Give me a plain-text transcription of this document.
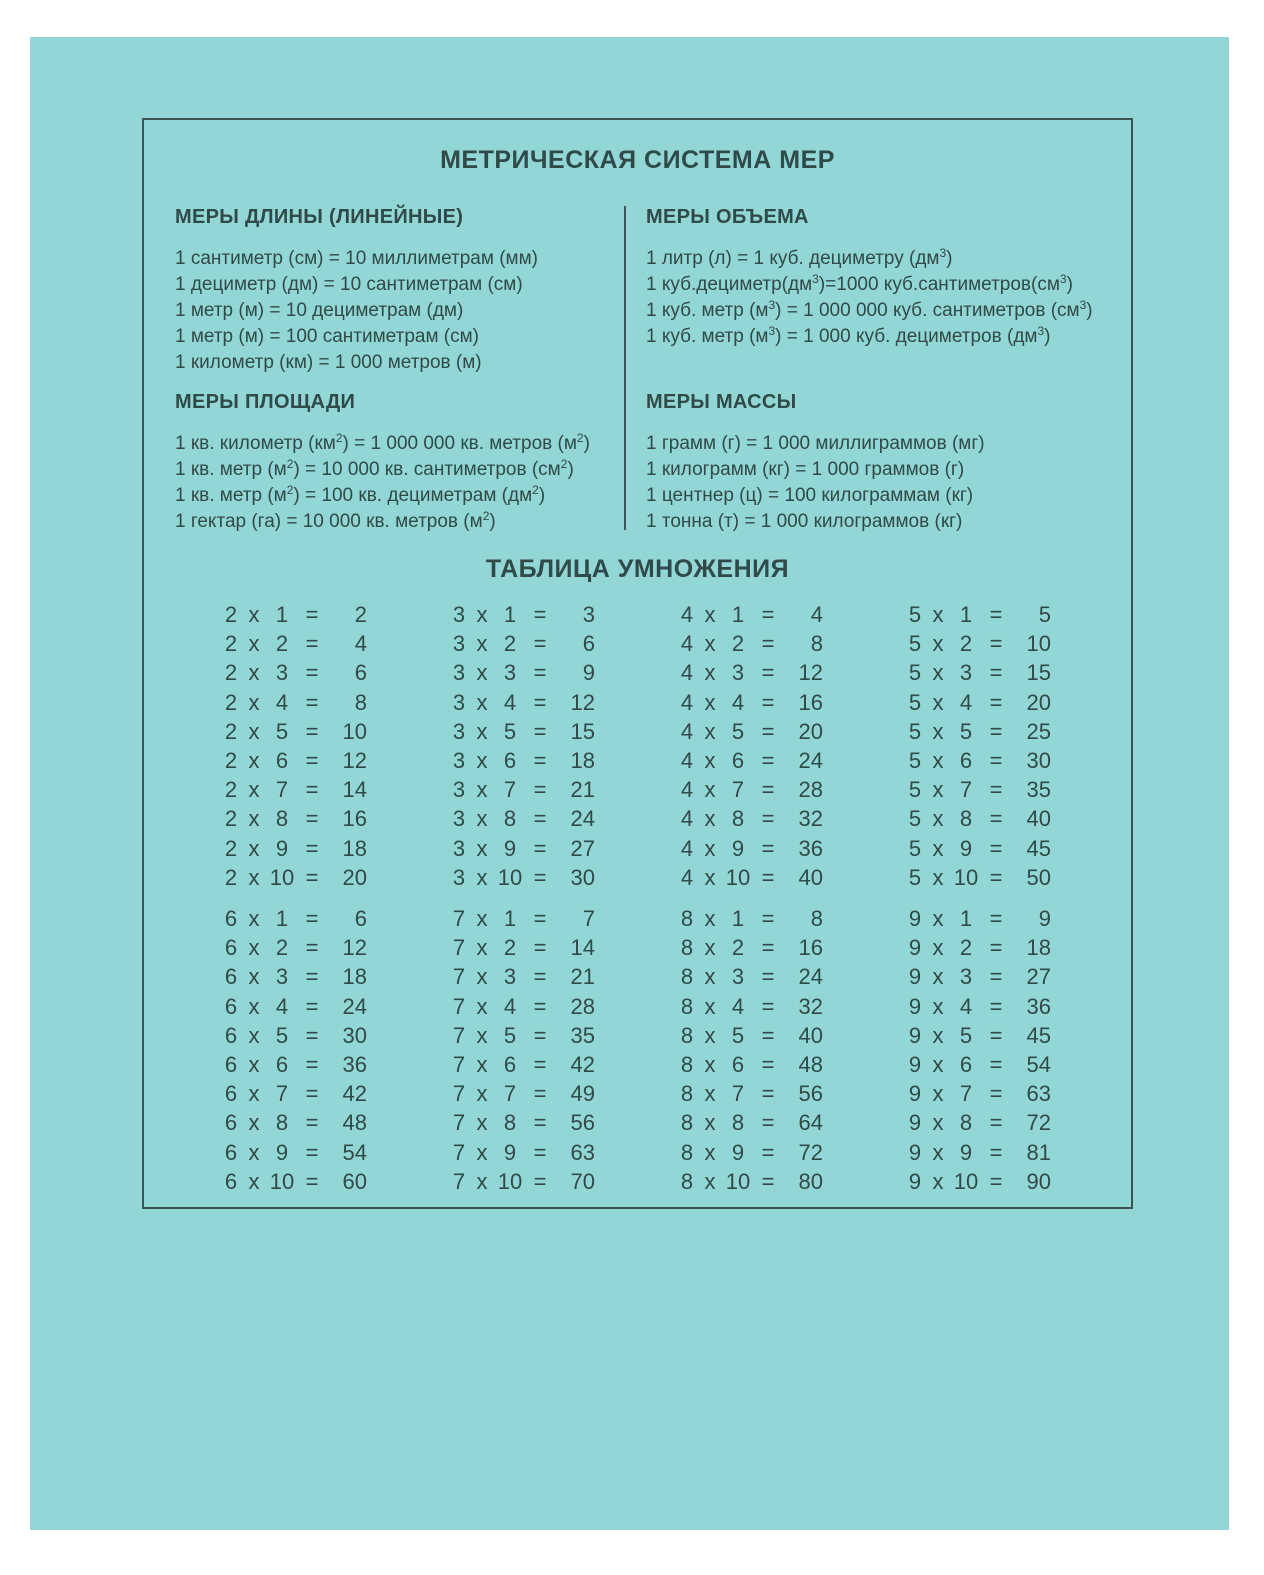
МЕТРИЧЕСКАЯ СИСТЕМА МЕР
МЕРЫ ДЛИНЫ (ЛИНЕЙНЫЕ)
1 сантиметр (см) = 10 миллиметрам (мм)
1 дециметр (дм) = 10 сантиметрам (см)
1 метр (м) = 10 дециметрам (дм)
1 метр (м) = 100 сантиметрам (см)
1 километр (км) = 1 000 метров (м)
МЕРЫ ОБЪЕМА
1 литр (л) = 1 куб. дециметру $(дм^3)$
1 $куб.дециметр(дм^3)=1000$ $куб.сантиметров(см^3)$
1 куб. метр $(м^3) = 1$ 000 000 куб. сантиметров $(см^3)$
1 куб. метр $(м^3) = 1$ 000 куб. дециметров $(дм^3)$
МЕРЫ ПЛОЩАДИ
1 кв. километр $(км^2) = 1$ 000 000 кв. метров $(м^2)$
1 кв. метр $(м^2) = 10$ 000 кв. сантиметров $(см^2)$
1 кв. метр $(м^2) = 100$ кв. дециметрам $(дм^2)$
1 гектар (га) = 10 000 кв. метров $(м^2)$
МЕРЫ МАССЫ
1 грамм (г) = 1 000 миллиграммов (мг)
1 килограмм (кг) = 1 000 граммов (г)
1 центнер (ц) = 100 килограммам (кг)
1 тонна (т) = 1 000 килограммов (кг)
ТАБЛИЦА УМНОЖЕНИЯ
2 x 1 =	2
2 x 2 =	4
2 x 3 =	6
2 x 4 =	8
2 x 5 =	10
2 x 6 =	12
2 x 7 =	14
2 x 8 =	16
2 x 9 =	18
2 x 10 =	20
3 x 1 =	3
3 x 2 =	6
3 x 3 =	9
3 x 4 =	12
3 x 5 =	15
3 x 6 =	18
3 x 7 =	21
3 x 8 =	24
3 x 9 =	27
3 x 10 =	30
4 x 1 =	4
4 x 2 =	8
4 x 3 =	12
4 x 4 =	16
4 x 5 =	20
4 x 6 =	24
4 x 7 =	28
4 x 8 =	32
4 x 9 =	36
4 x 10 =	40
5 x 1 =	5
5 x 2 =	10
5 x 3 =	15
5 x 4 =	20
5 x 5 =	25
5 x 6 =	30
5 x 7 =	35
5 x 8 =	40
5 x 9 =	45
5 x 10 =	50
6 x 1 =	6
6 x 2 =	12
6 x 3 =	18
6 x 4 =	24
6 x 5 =	30
6 x 6 =	36
6 x 7 =	42
6 x 8 =	48
6 x 9 =	54
6 x 10 =	60
7 x 1 =	7
7 x 2 =	14
7 x 3 =	21
7 x 4 =	28
7 x 5 =	35
7 x 6 =	42
7 x 7 =	49
7 x 8 =	56
7 x 9 =	63
7 x 10 =	70
8 x 1 =	8
8 x 2 =	16
8 x 3 =	24
8 x 4 =	32
8 x 5 =	40
8 x 6 =	48
8 x 7 =	56
8 x 8 =	64
8 x 9 =	72
8 x 10 =	80
9 x 1 =	9
9 x 2 =	18
9 x 3 =	27
9 x 4 =	36
9 x 5 =	45
9 x 6 =	54
9 x 7 =	63
9 x 8 =	72
9 x 9 =	81
9 x 10 =	90
